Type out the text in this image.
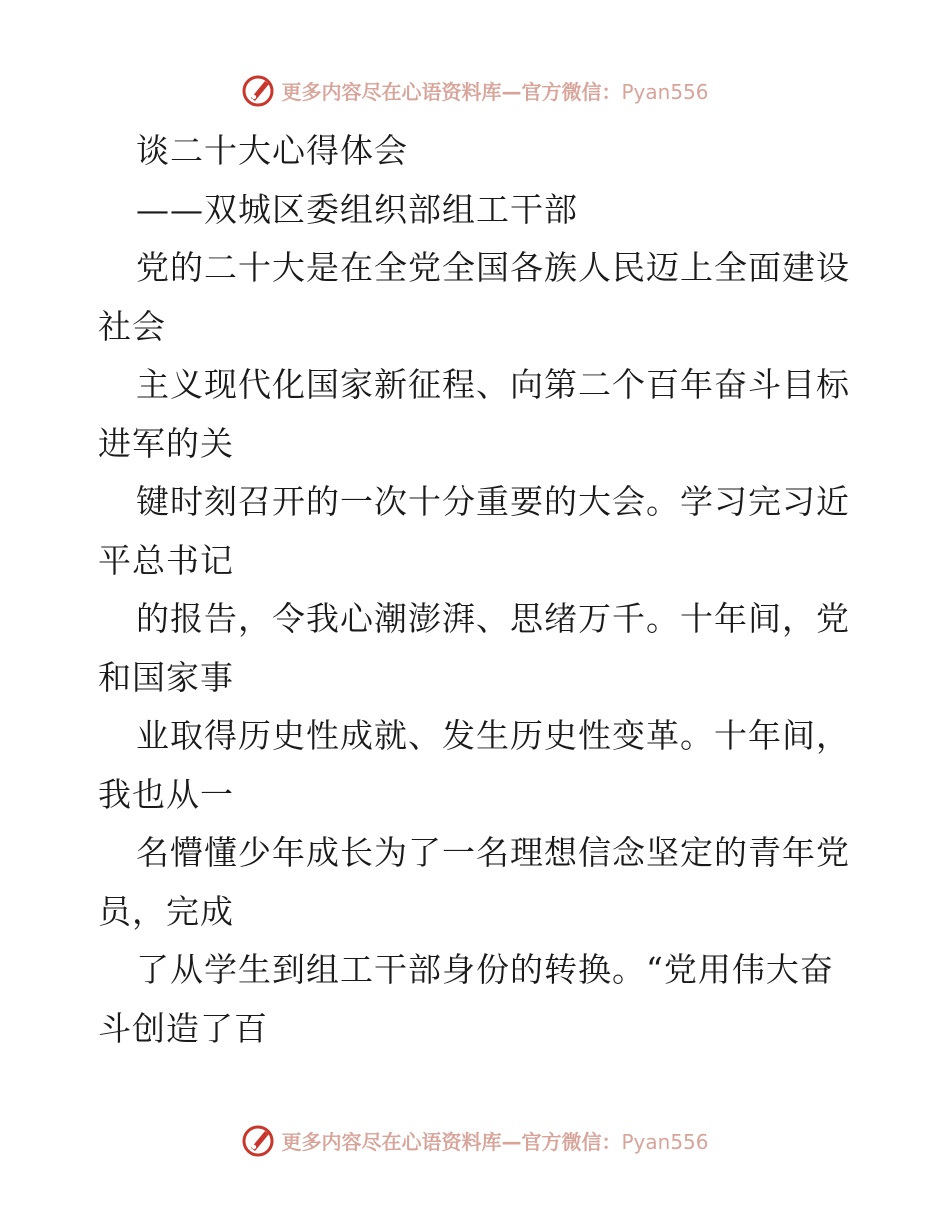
更多内容尽在心语资料库—官方微信：Pyan556
谈二十大心得体会
——双城区委组织部组工干部
党的二十大是在全党全国各族人民迈上全面建设
社会
主义现代化国家新征程、向第二个百年奋斗目标
进军的关
键时刻召开的一次十分重要的大会。学习完习近
平总书记
的报告，令我心潮澎湃、思绪万千。十年间，党
和国家事
业取得历史性成就、发生历史性变革。十年间，
我也从一
名懵懂少年成长为了一名理想信念坚定的青年党
员，完成
了从学生到组工干部身份的转换。“党用伟大奋
斗创造了百
更多内容尽在心语资料库—官方微信：Pyan556
